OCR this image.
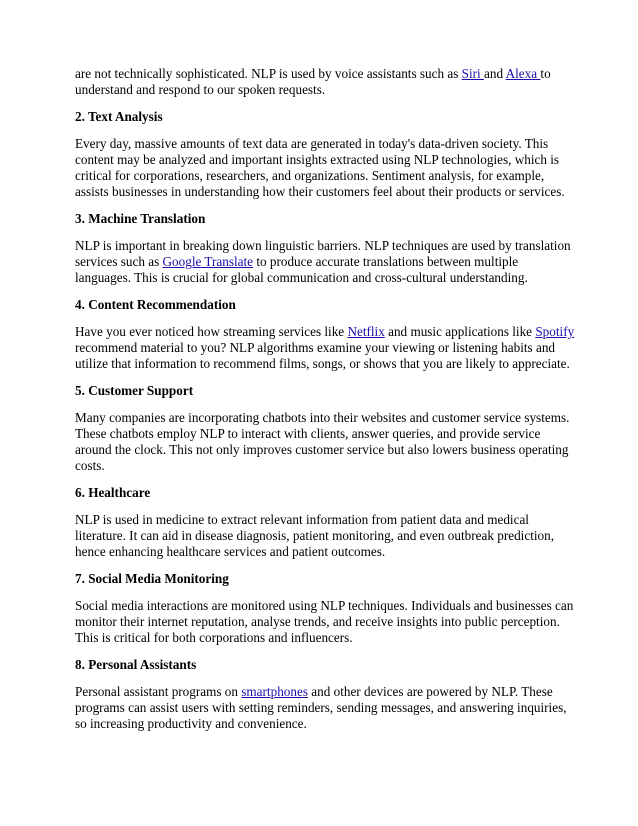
are not technically sophisticated. NLP is used by voice assistants such as Siri and Alexa to understand and respond to our spoken requests.

2. Text Analysis

Every day, massive amounts of text data are generated in today's data-driven society. This content may be analyzed and important insights extracted using NLP technologies, which is critical for corporations, researchers, and organizations. Sentiment analysis, for example, assists businesses in understanding how their customers feel about their products or services.

3. Machine Translation

NLP is important in breaking down linguistic barriers. NLP techniques are used by translation services such as Google Translate to produce accurate translations between multiple languages. This is crucial for global communication and cross-cultural understanding.

4. Content Recommendation

Have you ever noticed how streaming services like Netflix and music applications like Spotify recommend material to you? NLP algorithms examine your viewing or listening habits and utilize that information to recommend films, songs, or shows that you are likely to appreciate.

5. Customer Support

Many companies are incorporating chatbots into their websites and customer service systems. These chatbots employ NLP to interact with clients, answer queries, and provide service around the clock. This not only improves customer service but also lowers business operating costs.

6. Healthcare

NLP is used in medicine to extract relevant information from patient data and medical literature. It can aid in disease diagnosis, patient monitoring, and even outbreak prediction, hence enhancing healthcare services and patient outcomes.

7. Social Media Monitoring

Social media interactions are monitored using NLP techniques. Individuals and businesses can monitor their internet reputation, analyse trends, and receive insights into public perception. This is critical for both corporations and influencers.

8. Personal Assistants

Personal assistant programs on smartphones and other devices are powered by NLP. These programs can assist users with setting reminders, sending messages, and answering inquiries, so increasing productivity and convenience.
